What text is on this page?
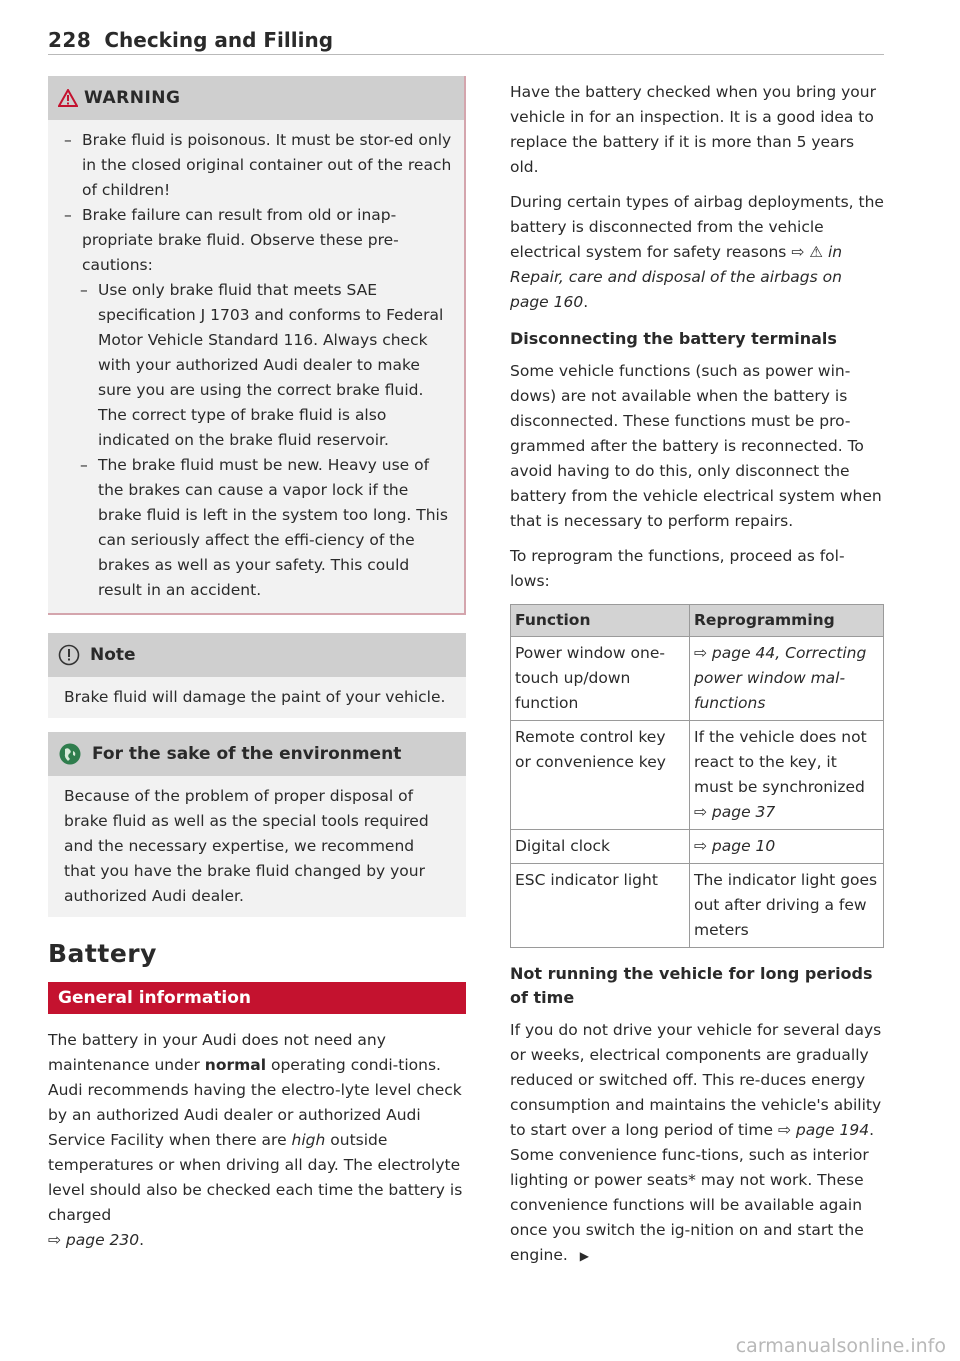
228 Checking and Filling
WARNING
– Brake fluid is poisonous. It must be stor-ed only in the closed original container out of the reach of children!
– Brake failure can result from old or inap-propriate brake fluid. Observe these pre-cautions:
– Use only brake fluid that meets SAE specification J 1703 and conforms to Federal Motor Vehicle Standard 116. Always check with your authorized Audi dealer to make sure you are using the correct brake fluid. The correct type of brake fluid is also indicated on the brake fluid reservoir.
– The brake fluid must be new. Heavy use of the brakes can cause a vapor lock if the brake fluid is left in the system too long. This can seriously affect the effi-ciency of the brakes as well as your safety. This could result in an accident.
Note
Brake fluid will damage the paint of your vehicle.
For the sake of the environment
Because of the problem of proper disposal of brake fluid as well as the special tools required and the necessary expertise, we recommend that you have the brake fluid changed by your authorized Audi dealer.
Battery
General information

The battery in your Audi does not need any maintenance under normal operating condi-tions. Audi recommends having the electro-lyte level check by an authorized Audi dealer or authorized Audi Service Facility when there are high outside temperatures or when driving all day. The electrolyte level should also be checked each time the battery is charged
⇨ page 230.

Have the battery checked when you bring your vehicle in for an inspection. It is a good idea to replace the battery if it is more than 5 years old.

During certain types of airbag deployments, the battery is disconnected from the vehicle electrical system for safety reasons ⇨ ⚠ in Repair, care and disposal of the airbags on page 160.

Disconnecting the battery terminals

Some vehicle functions (such as power win-dows) are not available when the battery is disconnected. These functions must be pro-grammed after the battery is reconnected. To avoid having to do this, only disconnect the battery from the vehicle electrical system when that is necessary to perform repairs.

To reprogram the functions, proceed as fol-lows:

Function	Reprogramming
Power window one-touch up/down function	⇨ page 44, Correcting power window mal-functions
Remote control key or convenience key	If the vehicle does not react to the key, it must be synchronized
⇨ page 37
Digital clock	⇨ page 10
ESC indicator light	The indicator light goes out after driving a few meters
Not running the vehicle for long periods of time

If you do not drive your vehicle for several days or weeks, electrical components are gradually reduced or switched off. This re-duces energy consumption and maintains the vehicle's ability to start over a long period of time ⇨ page 194. Some convenience func-tions, such as interior lighting or power seats* may not work. These convenience functions will be available again once you switch the ig-nition on and start the engine. ▶

carmanualsonline.info
